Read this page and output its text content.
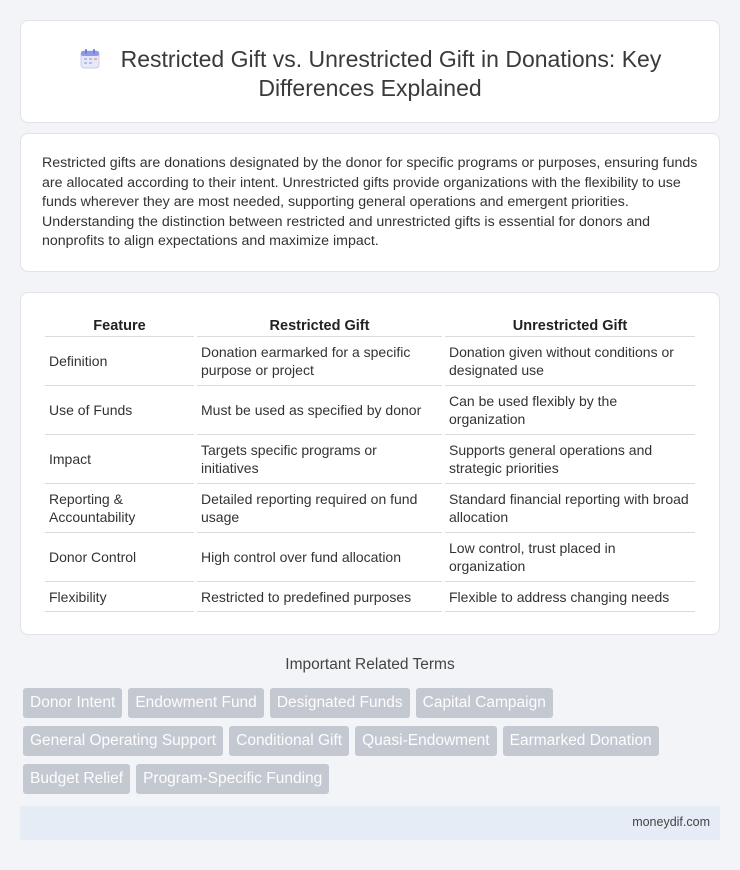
Restricted Gift vs. Unrestricted Gift in Donations: Key Differences Explained

Restricted gifts are donations designated by the donor for specific programs or purposes, ensuring funds are allocated according to their intent. Unrestricted gifts provide organizations with the flexibility to use funds wherever they are most needed, supporting general operations and emergent priorities. Understanding the distinction between restricted and unrestricted gifts is essential for donors and nonprofits to align expectations and maximize impact.

Feature	Restricted Gift	Unrestricted Gift
Definition	Donation earmarked for a specific purpose or project	Donation given without conditions or designated use
Use of Funds	Must be used as specified by donor	Can be used flexibly by the organization
Impact	Targets specific programs or initiatives	Supports general operations and strategic priorities
Reporting & Accountability	Detailed reporting required on fund usage	Standard financial reporting with broad allocation
Donor Control	High control over fund allocation	Low control, trust placed in organization
Flexibility	Restricted to predefined purposes	Flexible to address changing needs
Important Related Terms
Donor Intent Endowment Fund Designated Funds Capital Campaign
General Operating Support Conditional Gift Quasi-Endowment Earmarked Donation
Budget Relief Program-Specific Funding
moneydif.com
